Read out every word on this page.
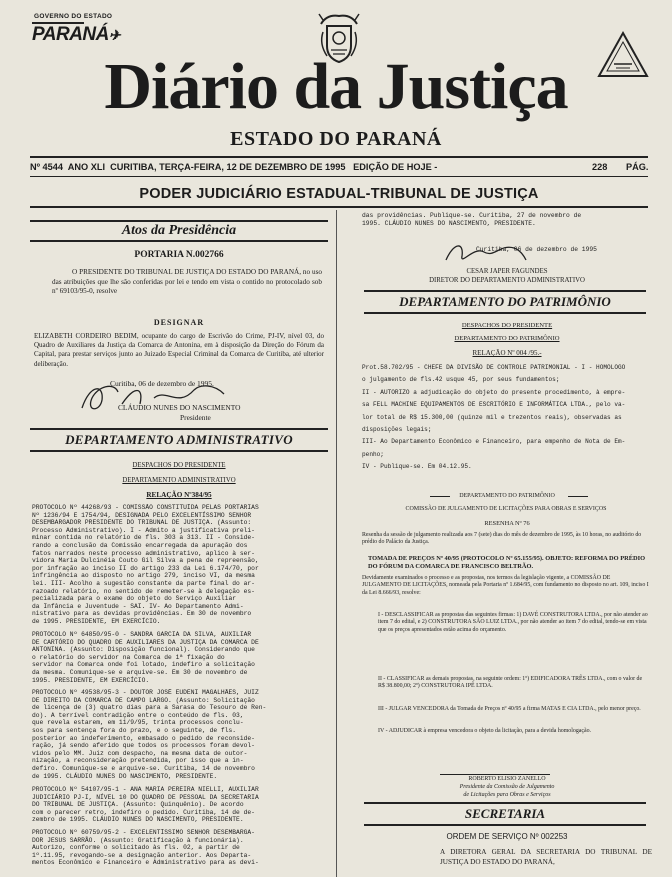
GOVERNO DO ESTADO
PARANÁ✈
Diário da Justiça
ESTADO DO PARANÁ
Nº 4544 ANO XLI CURITIBA, TERÇA-FEIRA, 12 DE DEZEMBRO DE 1995 EDIÇÃO DE HOJE -	228 PÁG.
PODER JUDICIÁRIO ESTADUAL-TRIBUNAL DE JUSTIÇA
Atos da Presidência
PORTARIA N.002766
O PRESIDENTE DO TRIBUNAL DE JUSTIÇA DO ESTADO DO PARANÁ, no uso das atribuições que lhe são conferidas por lei e tendo em vista o contido no protocolado sob nº 69103/95-0, resolve
DESIGNAR
ELIZABETH CORDEIRO BEDIM, ocupante do cargo de Escrivão do Crime, PJ-IV, nível 03, do Quadro de Auxiliares da Justiça da Comarca de Antonina, em à disposição da Direção do Fórum da Capital, para prestar serviços junto ao Juizado Especial Criminal da Comarca de Curitiba, até ulterior deliberação.
Curitiba, 06 de dezembro de 1995.
CLÁUDIO NUNES DO NASCIMENTO
Presidente
DEPARTAMENTO ADMINISTRATIVO
DESPACHOS DO PRESIDENTE
DEPARTAMENTO ADMINISTRATIVO
RELAÇÃO Nº384/95
PROTOCOLO Nº 44268/93 - COMISSÃO CONSTITUÍDA PELAS PORTARIAS
Nº 1236/94 E 1754/94, DESIGNADA PELO EXCELENTÍSSIMO SENHOR
DESEMBARGADOR PRESIDENTE DO TRIBUNAL DE JUSTIÇA. (Assunto:
Processo Administrativo). I - Admito a justificativa preli-
minar contida no relatório de fls. 303 a 313. II - Conside-
rando a conclusão da Comissão encarregada da apuração dos
fatos narrados neste processo administrativo, aplico à ser-
vidora Maria Dulcinéia Couto Gil Silva a pena de repreensão,
por infração ao inciso II do artigo 233 da Lei 6.174/70, por
infringência ao disposto no artigo 279, inciso VI, da mesma
lei. III- Acolho a sugestão constante da parte final do ar-
razoado relatório, no sentido de remeter-se à delegação es-
pecializada para o exame do objeto do Serviço Auxiliar
da Infância e Juventude - SAI. IV- Ao Departamento Admi-
nistrativo para as devidas providências. Em 30 de novembro
de 1995. PRESIDENTE, EM EXERCÍCIO.
PROTOCOLO Nº 64850/95-0 - SANDRA GARCIA DA SILVA, AUXILIAR
DE CARTÓRIO DO QUADRO DE AUXILIARES DA JUSTIÇA DA COMARCA DE
ANTONINA. (Assunto: Disposição funcional). Considerando que
o relatório do servidor na Comarca de 1ª fixação do
servidor na Comarca onde foi lotado, indefiro a solicitação
da mesma. Comunique-se e arquive-se. Em 30 de novembro de
1995. PRESIDENTE, EM EXERCÍCIO.
PROTOCOLO Nº 49538/95-3 - DOUTOR JOSÉ EUDENI MAGALHÃES, JUIZ
DE DIREITO DA COMARCA DE CAMPO LARGO. (Assunto: Solicitação
de licença de (3) quatro dias para a Sarasa do Tesouro de Ren-
do). A terrível contradição entre o conteúdo de fls. 03,
que revela estarem, em 11/9/95, trinta processos conclu-
sos para sentença fora do prazo, e o seguinte, de fls.
posterior ao indeferimento, embasado o pedido de reconside-
ração, já sendo aferido que todos os processos foram devol-
vidos pelo MM. Juiz com despacho, na mesma data de outor-
nização, a reconsideração pretendida, por isso que a in-
defiro. Comunique-se e arquive-se. Curitiba, 14 de novembro
de 1995. CLÁUDIO NUNES DO NASCIMENTO, PRESIDENTE.
PROTOCOLO Nº 54107/95-1 - ANA MARIA PEREIRA NIELLI, AUXILIAR
JUDICIÁRIO PJ-I, NÍVEL 10 DO QUADRO DE PESSOAL DA SECRETARIA
DO TRIBUNAL DE JUSTIÇA. (Assunto: Quinquênio). De acordo
com o parecer retro, indefiro o pedido. Curitiba, 14 de de-
zembro de 1995. CLÁUDIO NUNES DO NASCIMENTO, PRESIDENTE.
PROTOCOLO Nº 60759/95-2 - EXCELENTÍSSIMO SENHOR DESEMBARGA-
DOR JESUS SARRÃO. (Assunto: Gratificação à funcionária).
Autorizo, conforme o solicitado às fls. 02, a partir de
1º.11.95, revogando-se a designação anterior. Aos Departa-
mentos Econômico e Financeiro e Administrativo para as devi-
das providências. Publique-se. Curitiba, 27 de novembro de
1995. CLÁUDIO NUNES DO NASCIMENTO, PRESIDENTE.
Curitiba, 06 de dezembro de 1995
CESAR JAPER FAGUNDES
DIRETOR DO DEPARTAMENTO ADMINISTRATIVO
DEPARTAMENTO DO PATRIMÔNIO
DESPACHOS DO PRESIDENTE
DEPARTAMENTO DO PATRIMÔNIO
RELAÇÃO Nº 004 /95.-
Prot.58.702/95 - CHEFE DA DIVISÃO DE CONTROLE PATRIMONIAL - I - HOMOLOGO
o julgamento de fls.42 usque 45, por seus fundamentos;
II - AUTORIZO a adjudicação do objeto do presente procedimento, à empre-
sa FELL MACHINE EQUIPAMENTOS DE ESCRITÓRIO E INFORMÁTICA LTDA., pelo va-
lor total de R$ 15.300,00 (quinze mil e trezentos reais), observadas as
disposições legais;
III- Ao Departamento Econômico e Financeiro, para empenho de Nota de Em-
penho;
IV - Publique-se. Em 04.12.95.
DEPARTAMENTO DO PATRIMÔNIO
COMISSÃO DE JULGAMENTO DE LICITAÇÕES PARA OBRAS E SERVIÇOS
RESENHA Nº 76
Resenha da sessão de julgamento realizada aos 7 (sete) dias do mês de dezembro de 1995, às 10 horas, no auditório do prédio do Palácio da Justiça.
TOMADA DE PREÇOS Nº 40/95 (PROTOCOLO Nº 65.155/95). OBJETO: REFORMA DO PRÉDIO DO FÓRUM DA COMARCA DE FRANCISCO BELTRÃO.
Devidamente examinados o processo e as propostas, nos termos da legislação vigente, a COMISSÃO DE JULGAMENTO DE LICITAÇÕES, nomeada pela Portaria nº 1.684/95, com fundamento no disposto no art. 109, inciso I da Lei 8.666/93, resolve:
I - DESCLASSIFICAR as propostas das seguintes firmas: 1) DAVÉ CONSTRUTORA LTDA., por não atender ao item 7 do edital, e 2) CONSTRUTORA SÃO LUIZ LTDA., por não atender ao item 7 do edital, tendo-se em vista que os preços apresentados estão acima do orçamento.
II - CLASSIFICAR as demais propostas, na seguinte ordem: 1º) EDIFICADORA TRÊS LTDA., com o valor de R$ 38.800,00; 2º) CONSTRUTORA IPÊ LTDA.
III - JULGAR VENCEDORA da Tomada de Preços nº 40/95 a firma MATAS E CIA LTDA., pelo menor preço.
IV - ADJUDICAR à empresa vencedora o objeto da licitação, para a devida homologação.
ROBERTO ELISIO ZANELLO
Presidente da Comissão de Julgamento
de Licitações para Obras e Serviços
SECRETARIA
ORDEM DE SERVIÇO Nº 002253
A DIRETORA GERAL DA SECRETARIA DO TRIBUNAL DE JUSTIÇA DO ESTADO DO PARANÁ,
